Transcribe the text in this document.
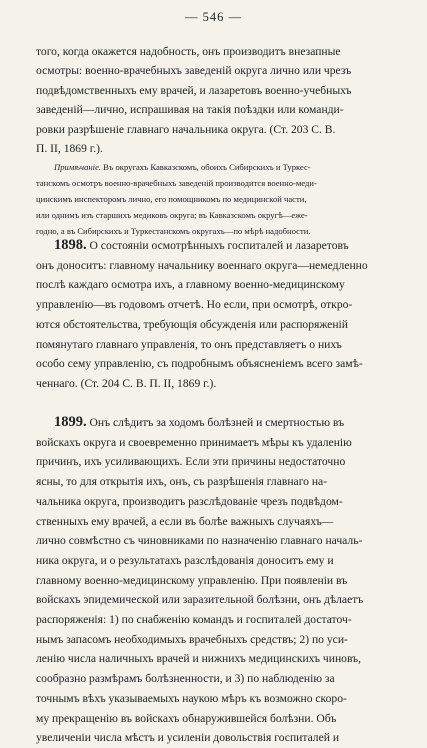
— 546 —
того, когда окажется надобность, онъ производитъ внезапные
осмотры: военно-врачебныхъ заведеній округа лично или чрезъ
подвѣдомственныхъ ему врачей, и лазаретовъ военно-учебныхъ
заведеній—лично, испрашивая на такія поѣздки или команди-
ровки разрѣшеніе главнаго начальника округа. (Ст. 203 С. В.
П. II, 1869 г.).
Примѣчаніе. Въ округахъ Кавказскомъ, обоихъ Сибирскихъ и Туркес-
танскомъ осмотръ военно-врачебныхъ заведеній производится военно-меди-
цинскимъ инспекторомъ лично, его помощникомъ по медицинской части,
или однимъ изъ старшихъ медиковъ округа; въ Кавказскомъ округѣ—еже-
годно, а въ Сибирскихъ и Туркестанскомъ округахъ—по мѣрѣ надобности.
1898. О состояніи осмотрѣнныхъ госпиталей и лазаретовъ
онъ доноситъ: главному начальнику военнаго округа—немедленно
послѣ каждаго осмотра ихъ, а главному военно-медицинскому
управленію—въ годовомъ отчетѣ. Но если, при осмотрѣ, откро-
ются обстоятельства, требующія обсужденія или распоряженій
помянутаго главнаго управленія, то онъ представляетъ о нихъ
особо сему управленію, съ подробнымъ объясненіемъ всего замѣ-
ченнаго. (Ст. 204 С. В. П. II, 1869 г.).
1899. Онъ слѣдитъ за ходомъ болѣзней и смертностью въ
войскахъ округа и своевременно принимаетъ мѣры къ удаленію
причинъ, ихъ усиливающихъ. Если эти причины недостаточно
ясны, то для открытія ихъ, онъ, съ разрѣшенія главнаго на-
чальника округа, производитъ разслѣдованіе чрезъ подвѣдом-
ственныхъ ему врачей, а если въ болѣе важныхъ случаяхъ—
лично совмѣстно съ чиновниками по назначенію главнаго началь-
ника округа, и о результатахъ разслѣдованія доноситъ ему и
главному военно-медицинскому управленію. При появленіи въ
войскахъ эпидемической или заразительной болѣзни, онъ дѣлаетъ
распоряженія: 1) по снабженію командъ и госпиталей достаточ-
нымъ запасомъ необходимыхъ врачебныхъ средствъ; 2) по уси-
ленію числа наличныхъ врачей и нижнихъ медицинскихъ чиновъ,
сообразно размѣрамъ болѣзненности, и 3) по наблюденію за
точнымъ вѣхъ указываемыхъ наукою мѣръ къ возможно скоро-
му прекращенію въ войскахъ обнаружившейся болѣзни. Объ
увеличеніи числа мѣстъ и усиленіи довольствія госпиталей и
